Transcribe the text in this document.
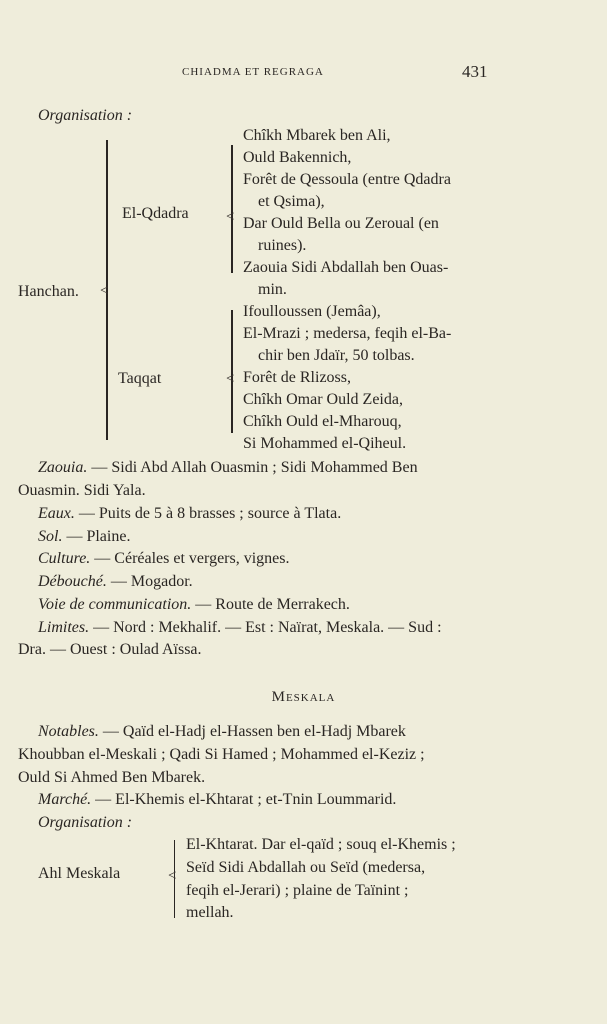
CHIADMA ET REGRAGA	431
Organisation :
Hanchan. <
El-Qdadra
Taqqat
<
<
Chîkh Mbarek ben Ali,
Ould Bakennich,
Forêt de Qessoula (entre Qdadra
et Qsima),
Dar Ould Bella ou Zeroual (en
ruines).
Zaouia Sidi Abdallah ben Ouas-
min.
Ifoulloussen (Jemâa),
El-Mrazi ; medersa, feqih el-Ba-
chir ben Jdaïr, 50 tolbas.
Forêt de Rlizoss,
Chîkh Omar Ould Zeida,
Chîkh Ould el-Mharouq,
Si Mohammed el-Qiheul.
Zaouia. — Sidi Abd Allah Ouasmin ; Sidi Mohammed Ben
Ouasmin. Sidi Yala.
Eaux. — Puits de 5 à 8 brasses ; source à Tlata.
Sol. — Plaine.
Culture. — Céréales et vergers, vignes.
Débouché. — Mogador.
Voie de communication. — Route de Merrakech.
Limites. — Nord : Mekhalif. — Est : Naïrat, Meskala. — Sud :
Dra. — Ouest : Oulad Aïssa.
Meskala
Notables. — Qaïd el-Hadj el-Hassen ben el-Hadj Mbarek
Khoubban el-Meskali ; Qadi Si Hamed ; Mohammed el-Keziz ;
Ould Si Ahmed Ben Mbarek.
Marché. — El-Khemis el-Khtarat ; et-Tnin Loummarid.
Organisation :
Ahl Meskala	<
El-Khtarat. Dar el-qaïd ; souq el-Khemis ;
Seïd Sidi Abdallah ou Seïd (medersa,
feqih el-Jerari) ; plaine de Taïnint ;
mellah.
